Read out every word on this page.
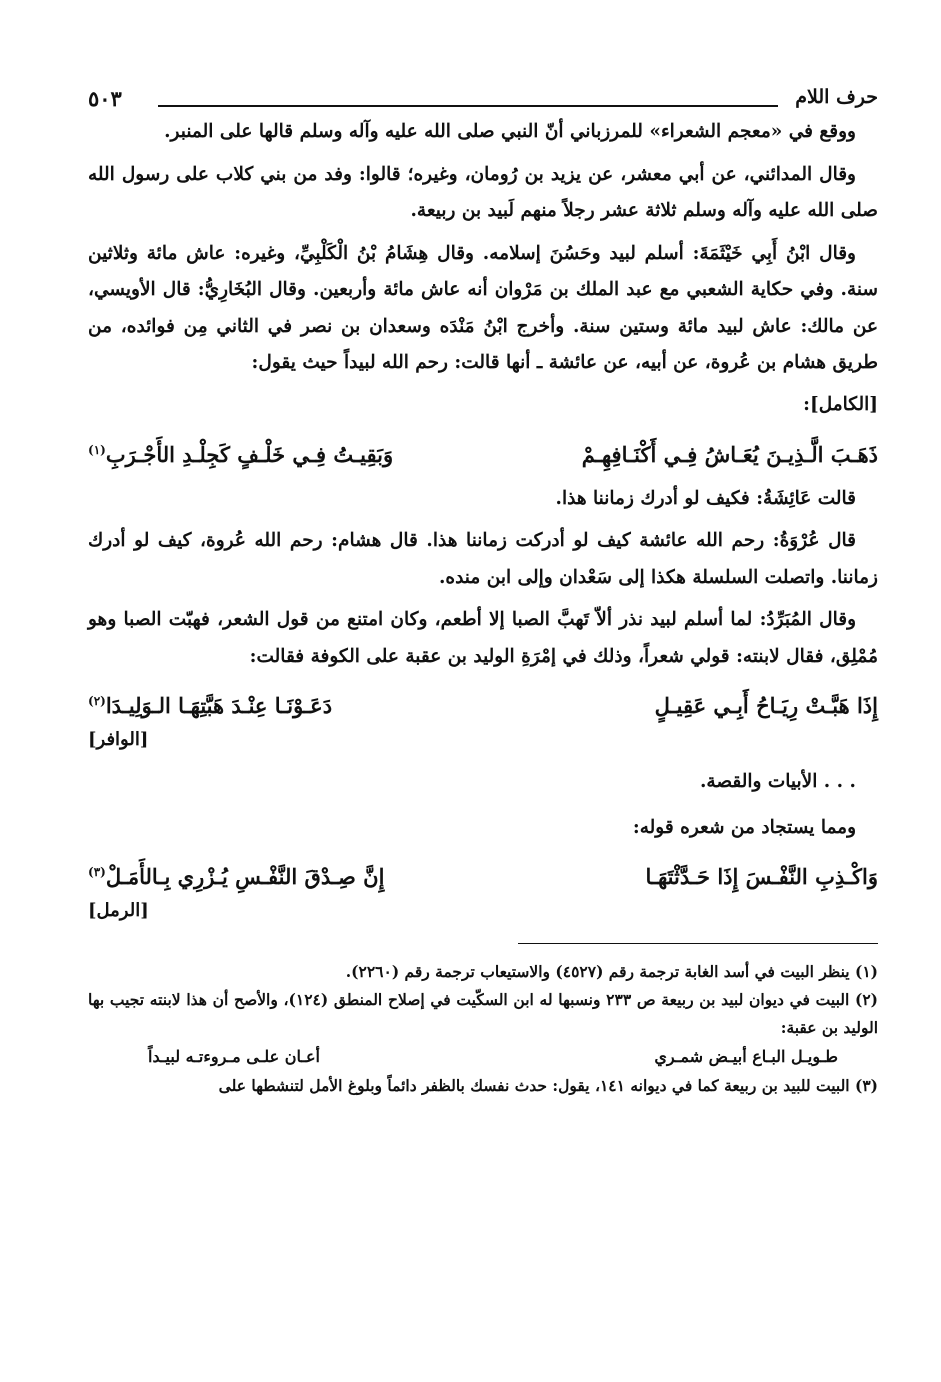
حرف اللام
٥٠٣

ووقع في «معجم الشعراء» للمرزباني أنّ النبي صلى الله عليه وآله وسلم قالها على المنبر.

وقال المدائني، عن أبي معشر، عن يزيد بن رُومان، وغيره؛ قالوا: وفد من بني كلاب على رسول الله صلى الله عليه وآله وسلم ثلاثة عشر رجلاً منهم لَبيد بن ربيعة.

وقال ابْنُ أَبِي خَيْثَمَةَ: أسلم لبيد وحَسُنَ إسلامه. وقال هِشَامُ بْنُ الْكَلْبِيِّ، وغيره: عاش مائة وثلاثين سنة. وفي حكاية الشعبي مع عبد الملك بن مَرْوان أنه عاش مائة وأربعين. وقال البُخَارِيُّ: قال الأويسي، عن مالك: عاش لبيد مائة وستين سنة. وأخرج ابْنُ مَنْدَه وسعدان بن نصر في الثاني مِن فوائده، من طريق هشام بن عُروة، عن أبيه، عن عائشة ـ أنها قالت: رحم الله لبيداً حيث يقول:

[الكامل]:
ذَهَـبَ الَّـذِيـنَ يُعَـاشُ فِـي أَكْنَـافِهِـمْ
وَبَقِيـتُ فِـي خَلْـفٍ كَجِلْـدِ الأَجْـرَبِ$^{(١)}$

قالت عَائِشَةُ: فكيف لو أدرك زماننا هذا.

قال عُرْوَةُ: رحم الله عائشة كيف لو أدركت زماننا هذا. قال هشام: رحم الله عُروة، كيف لو أدرك زماننا. واتصلت السلسلة هكذا إلى سَعْدان وإلى ابن منده.

وقال المُبَرِّدُ: لما أسلم لبيد نذر ألاّ تَهبَّ الصبا إلا أطعم، وكان امتنع من قول الشعر، فهبّت الصبا وهو مُمْلِق، فقال لابنته: قولي شعراً، وذلك في إمْرَةِ الوليد بن عقبة على الكوفة فقالت:

إِذَا هَبَّـتْ رِيَـاحُ أَبِـي عَقِيـلٍ
دَعَـوْنَـا عِنْـدَ هَبَّتِهَـا الـوَلِيـدَا$^{(٢)}$
[الوافر]
. . . الأبيات والقصة.
ومما يستجاد من شعره قوله:
وَاكْـذِبِ النَّفْـسَ إِذَا حَـدَّثْتَهَـا
إِنَّ صِـدْقَ النَّفْـسِ يُـزْرِي بِـالأَمَـلْ$^{(٣)}$
[الرمل]

(١) ينظر البيت في أسد الغابة ترجمة رقم (٤٥٢٧) والاستيعاب ترجمة رقم (٢٢٦٠).

(٢) البيت في ديوان لبيد بن ربيعة ص ٢٣٣ ونسبها له ابن السكّيت في إصلاح المنطق (١٢٤)، والأصح أن هذا لابنته تجيب بها الوليد بن عقبة:

طـويـل البـاع أبيـض شمـري
أعـان علـى مـروءتـه لبيـداً

(٣) البيت للبيد بن ربيعة كما في ديوانه ١٤١، يقول: حدث نفسك بالظفر دائماً وبلوغ الأمل لتنشطها على
